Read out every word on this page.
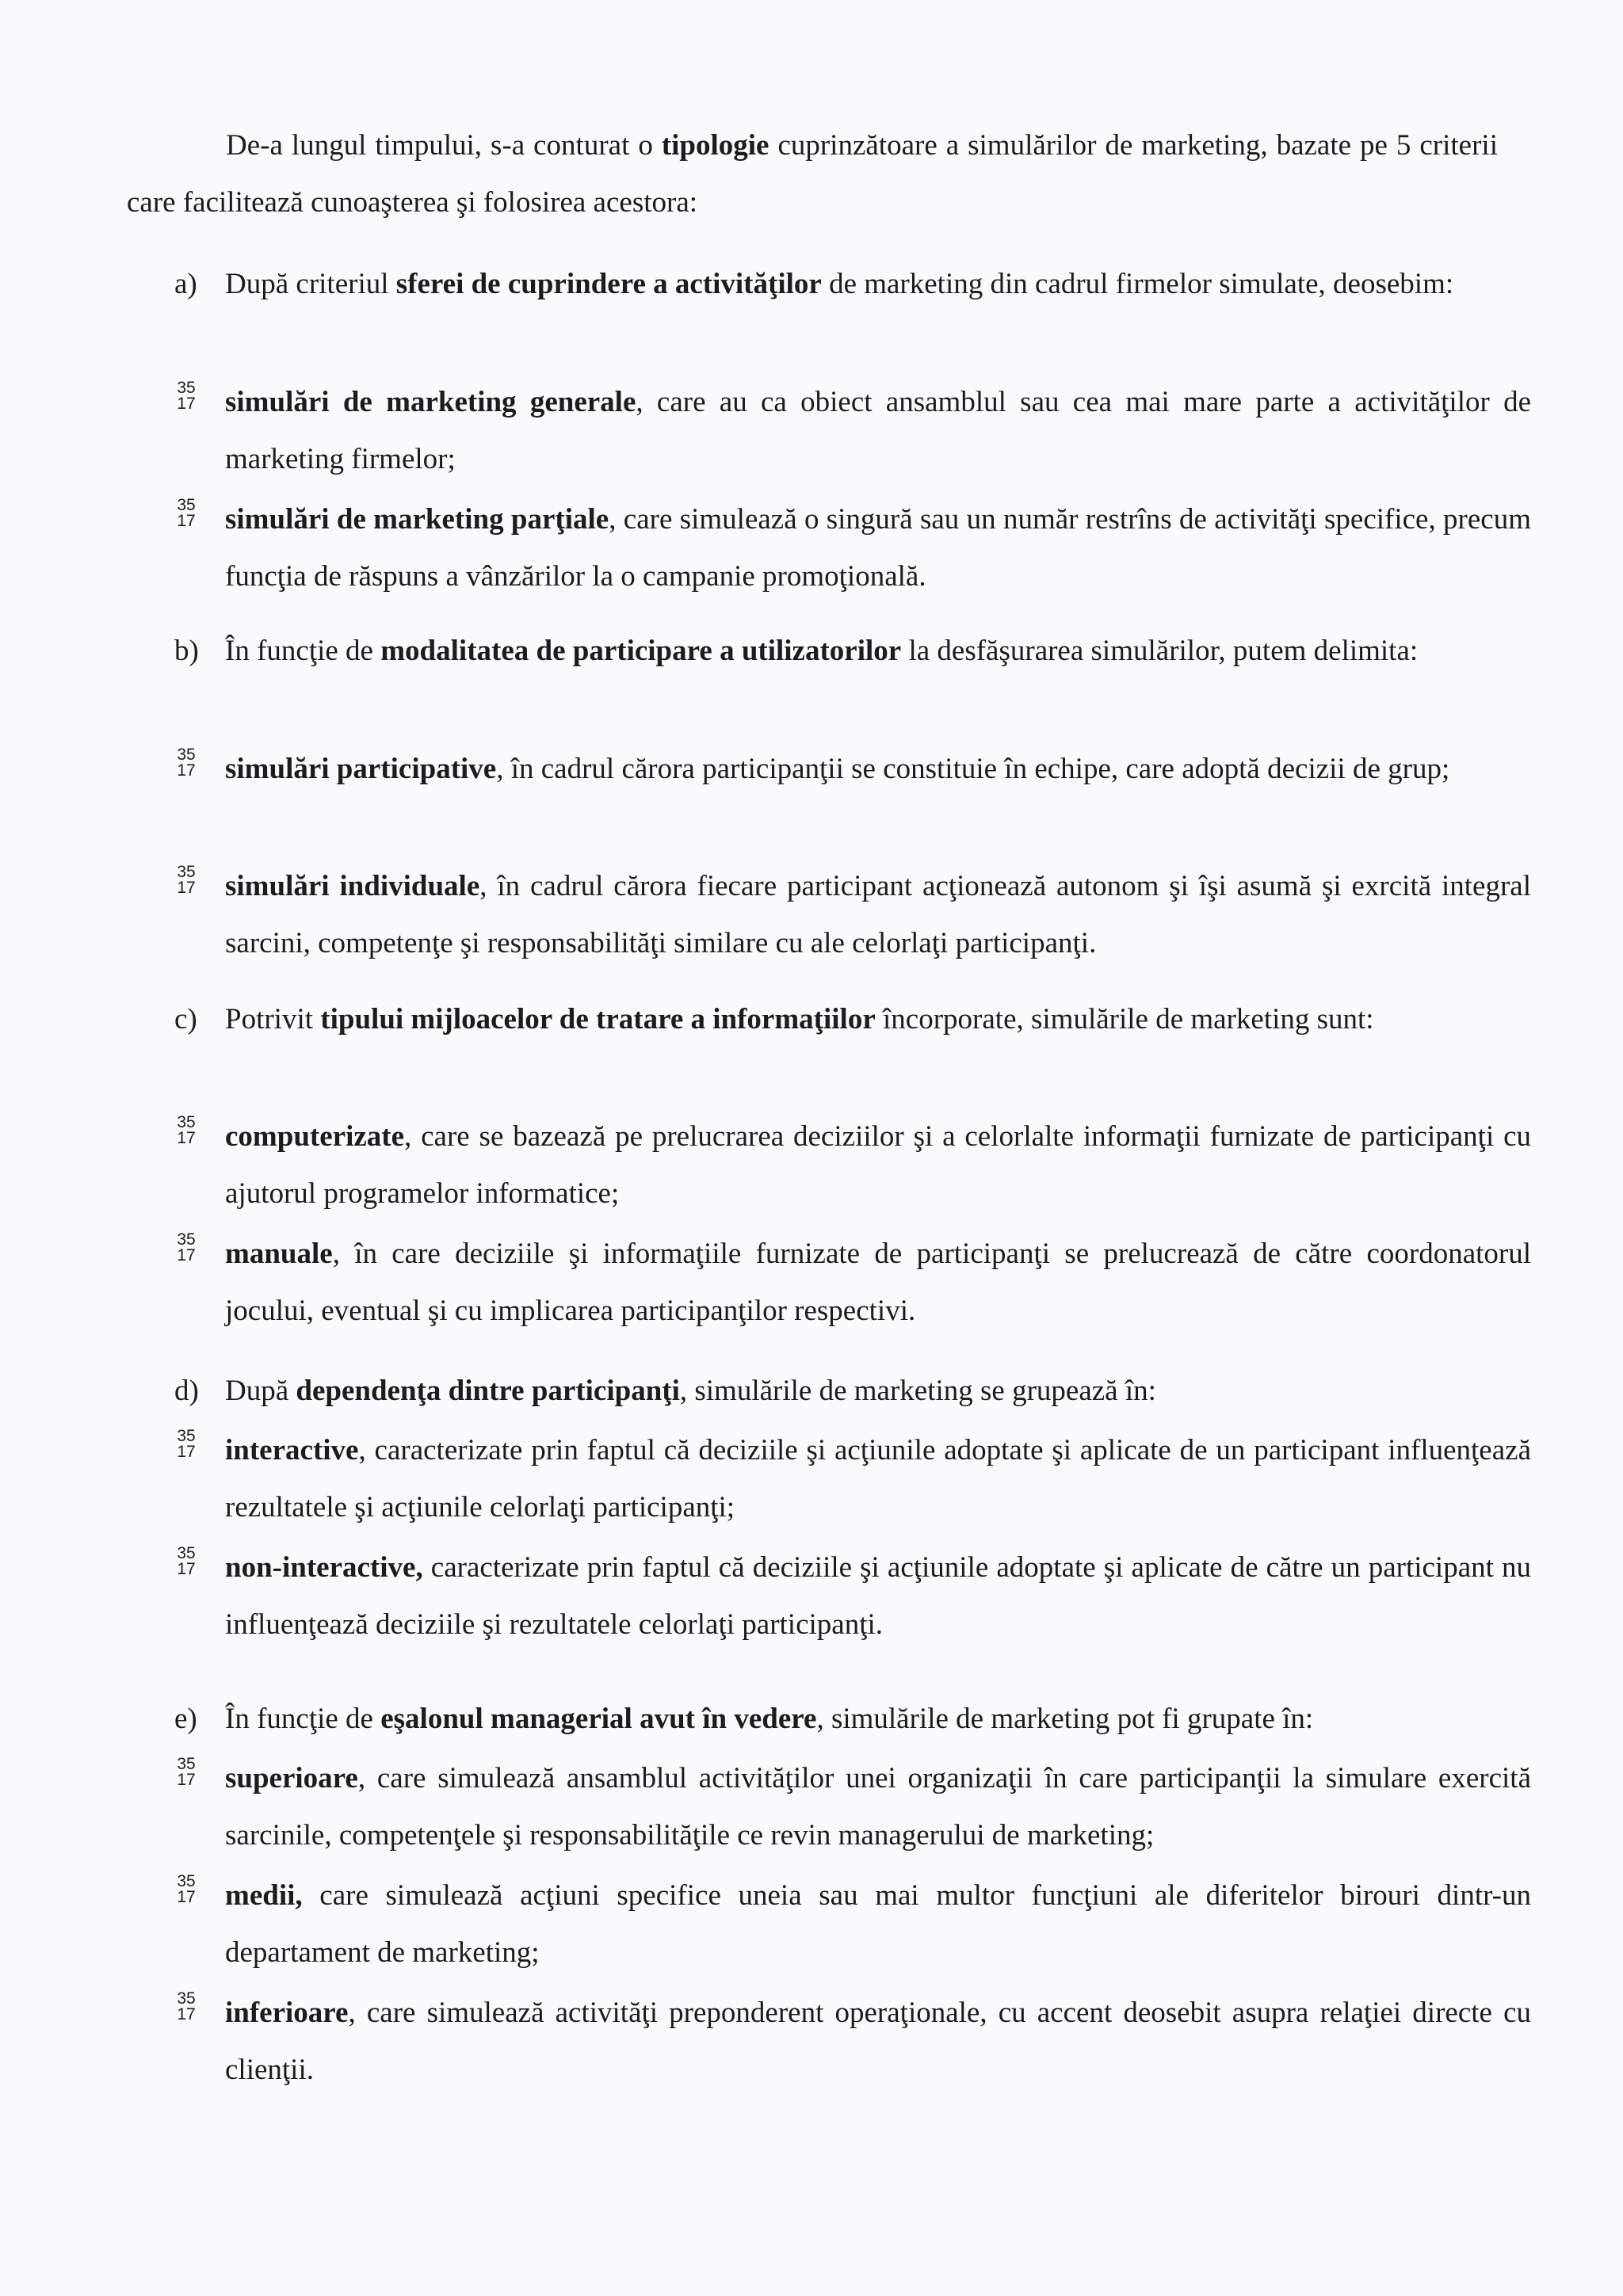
De-a lungul timpului, s-a conturat o tipologie cuprinzătoare a simulărilor de marketing, bazate pe 5 criterii care facilitează cunoaşterea şi folosirea acestora:

a) După criteriul sferei de cuprindere a activităţilor de marketing din cadrul firmelor simulate, deosebim:
35
17 simulări de marketing generale, care au ca obiect ansamblul sau cea mai mare parte a activităţilor de marketing firmelor;
35
17 simulări de marketing parţiale, care simulează o singură sau un număr restrîns de activităţi specifice, precum funcţia de răspuns a vânzărilor la o campanie promoţională.
b) În funcţie de modalitatea de participare a utilizatorilor la desfăşurarea simulărilor, putem delimita:
35
17 simulări participative, în cadrul cărora participanţii se constituie în echipe, care adoptă decizii de grup;
35
17 simulări individuale, în cadrul cărora fiecare participant acţionează autonom şi îşi asumă şi exrcită integral sarcini, competenţe şi responsabilităţi similare cu ale celorlaţi participanţi.
c) Potrivit tipului mijloacelor de tratare a informaţiilor încorporate, simulările de marketing sunt:
35
17 computerizate, care se bazează pe prelucrarea deciziilor şi a celorlalte informaţii furnizate de participanţi cu ajutorul programelor informatice;
35
17 manuale, în care deciziile şi informaţiile furnizate de participanţi se prelucrează de către coordonatorul jocului, eventual şi cu implicarea participanţilor respectivi.
d) După dependenţa dintre participanţi, simulările de marketing se grupează în:
35
17 interactive, caracterizate prin faptul că deciziile şi acţiunile adoptate şi aplicate de un participant influenţează rezultatele şi acţiunile celorlaţi participanţi;
35
17 non-interactive, caracterizate prin faptul că deciziile şi acţiunile adoptate şi aplicate de către un participant nu influenţează deciziile şi rezultatele celorlaţi participanţi.
e) În funcţie de eşalonul managerial avut în vedere, simulările de marketing pot fi grupate în:
35
17 superioare, care simulează ansamblul activităţilor unei organizaţii în care participanţii la simulare exercită sarcinile, competenţele şi responsabilităţile ce revin managerului de marketing;
35
17 medii, care simulează acţiuni specifice uneia sau mai multor funcţiuni ale diferitelor birouri dintr-un departament de marketing;
35
17 inferioare, care simulează activităţi preponderent operaţionale, cu accent deosebit asupra relaţiei directe cu clienţii.
